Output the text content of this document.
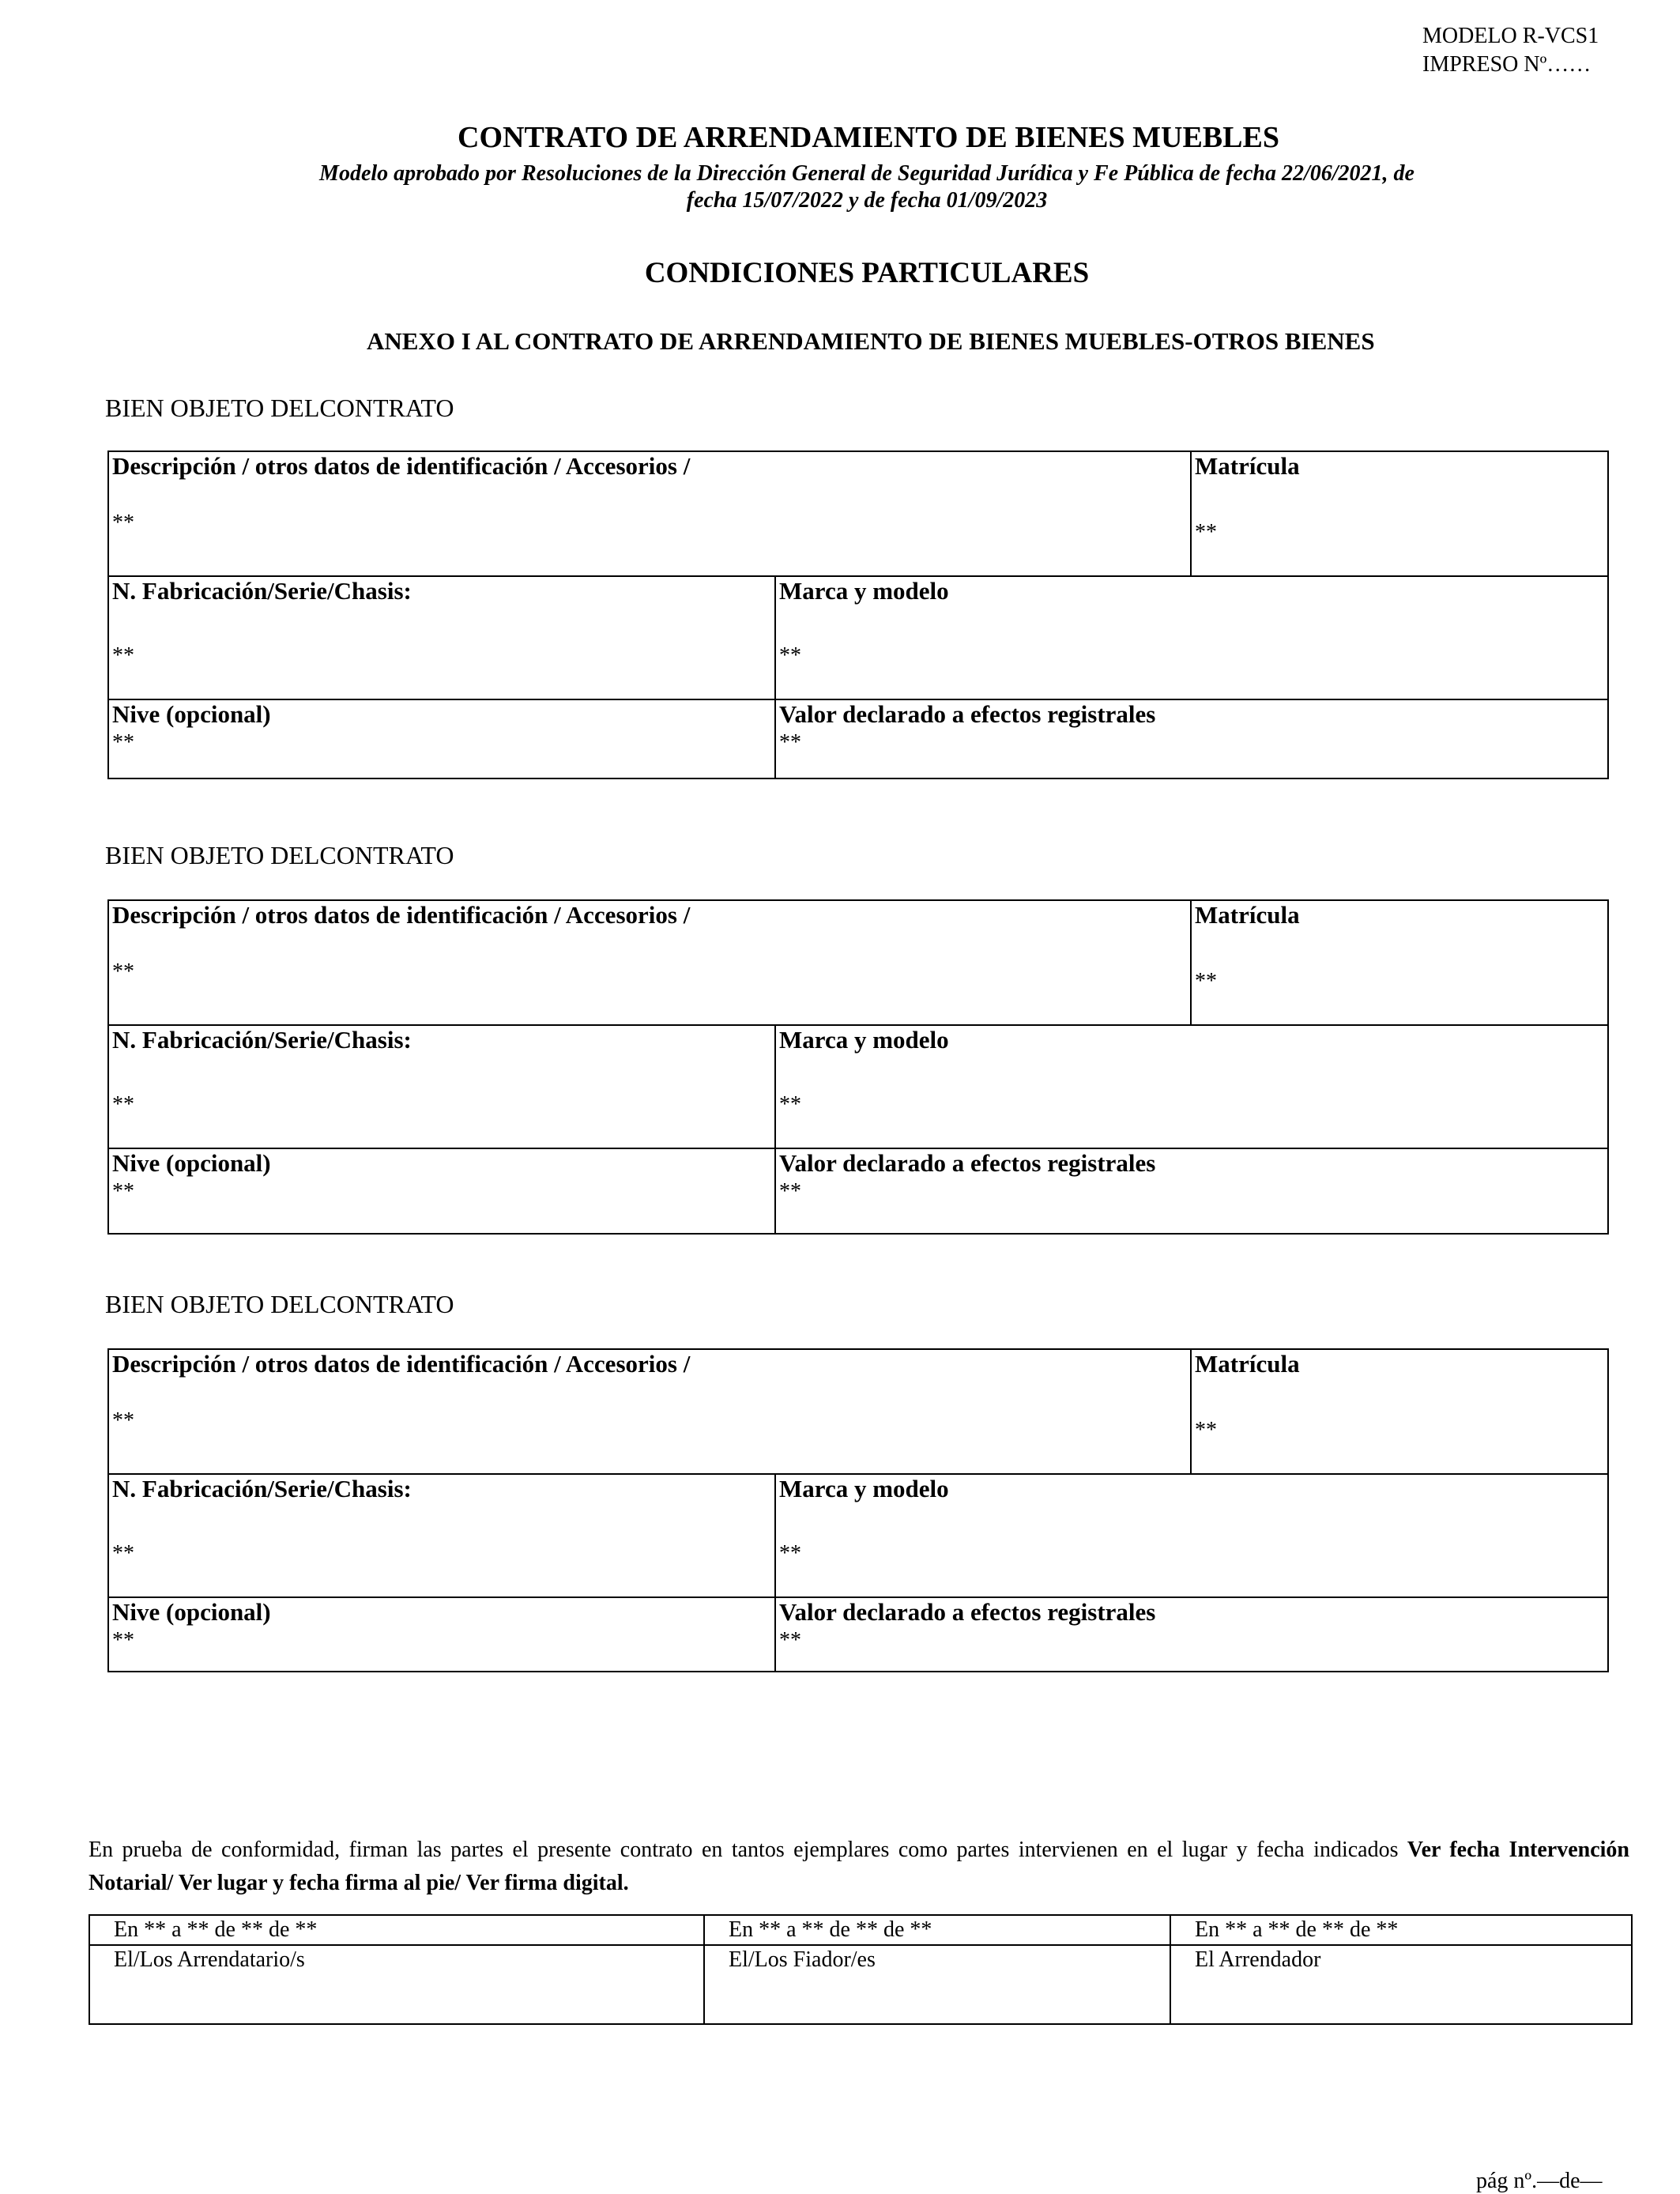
MODELO R-VCS1
IMPRESO Nº……
CONTRATO DE ARRENDAMIENTO DE BIENES MUEBLES
Modelo aprobado por Resoluciones de la Dirección General de Seguridad Jurídica y Fe Pública de fecha 22/06/2021, de
fecha 15/07/2022 y de fecha 01/09/2023
CONDICIONES PARTICULARES
ANEXO I AL CONTRATO DE ARRENDAMIENTO DE BIENES MUEBLES-OTROS BIENES
BIEN OBJETO DELCONTRATO
Descripción / otros datos de identificación / Accesorios /
**
Matrícula
**
N. Fabricación/Serie/Chasis:
**
Marca y modelo
**
Nive (opcional)
**
Valor declarado a efectos registrales
**
BIEN OBJETO DELCONTRATO
Descripción / otros datos de identificación / Accesorios /
**
Matrícula
**
N. Fabricación/Serie/Chasis:
**
Marca y modelo
**
Nive (opcional)
**
Valor declarado a efectos registrales
**
BIEN OBJETO DELCONTRATO
Descripción / otros datos de identificación / Accesorios /
**
Matrícula
**
N. Fabricación/Serie/Chasis:
**
Marca y modelo
**
Nive (opcional)
**
Valor declarado a efectos registrales
**
En prueba de conformidad, firman las partes el presente contrato en tantos ejemplares como partes intervienen en el lugar y fecha indicados Ver fecha Intervención Notarial/ Ver lugar y fecha firma al pie/ Ver firma digital.
En ** a ** de ** de **
El/Los Arrendatario/s
En ** a ** de ** de **
El/Los Fiador/es
En ** a ** de ** de **
El Arrendador
pág nº.—de—
